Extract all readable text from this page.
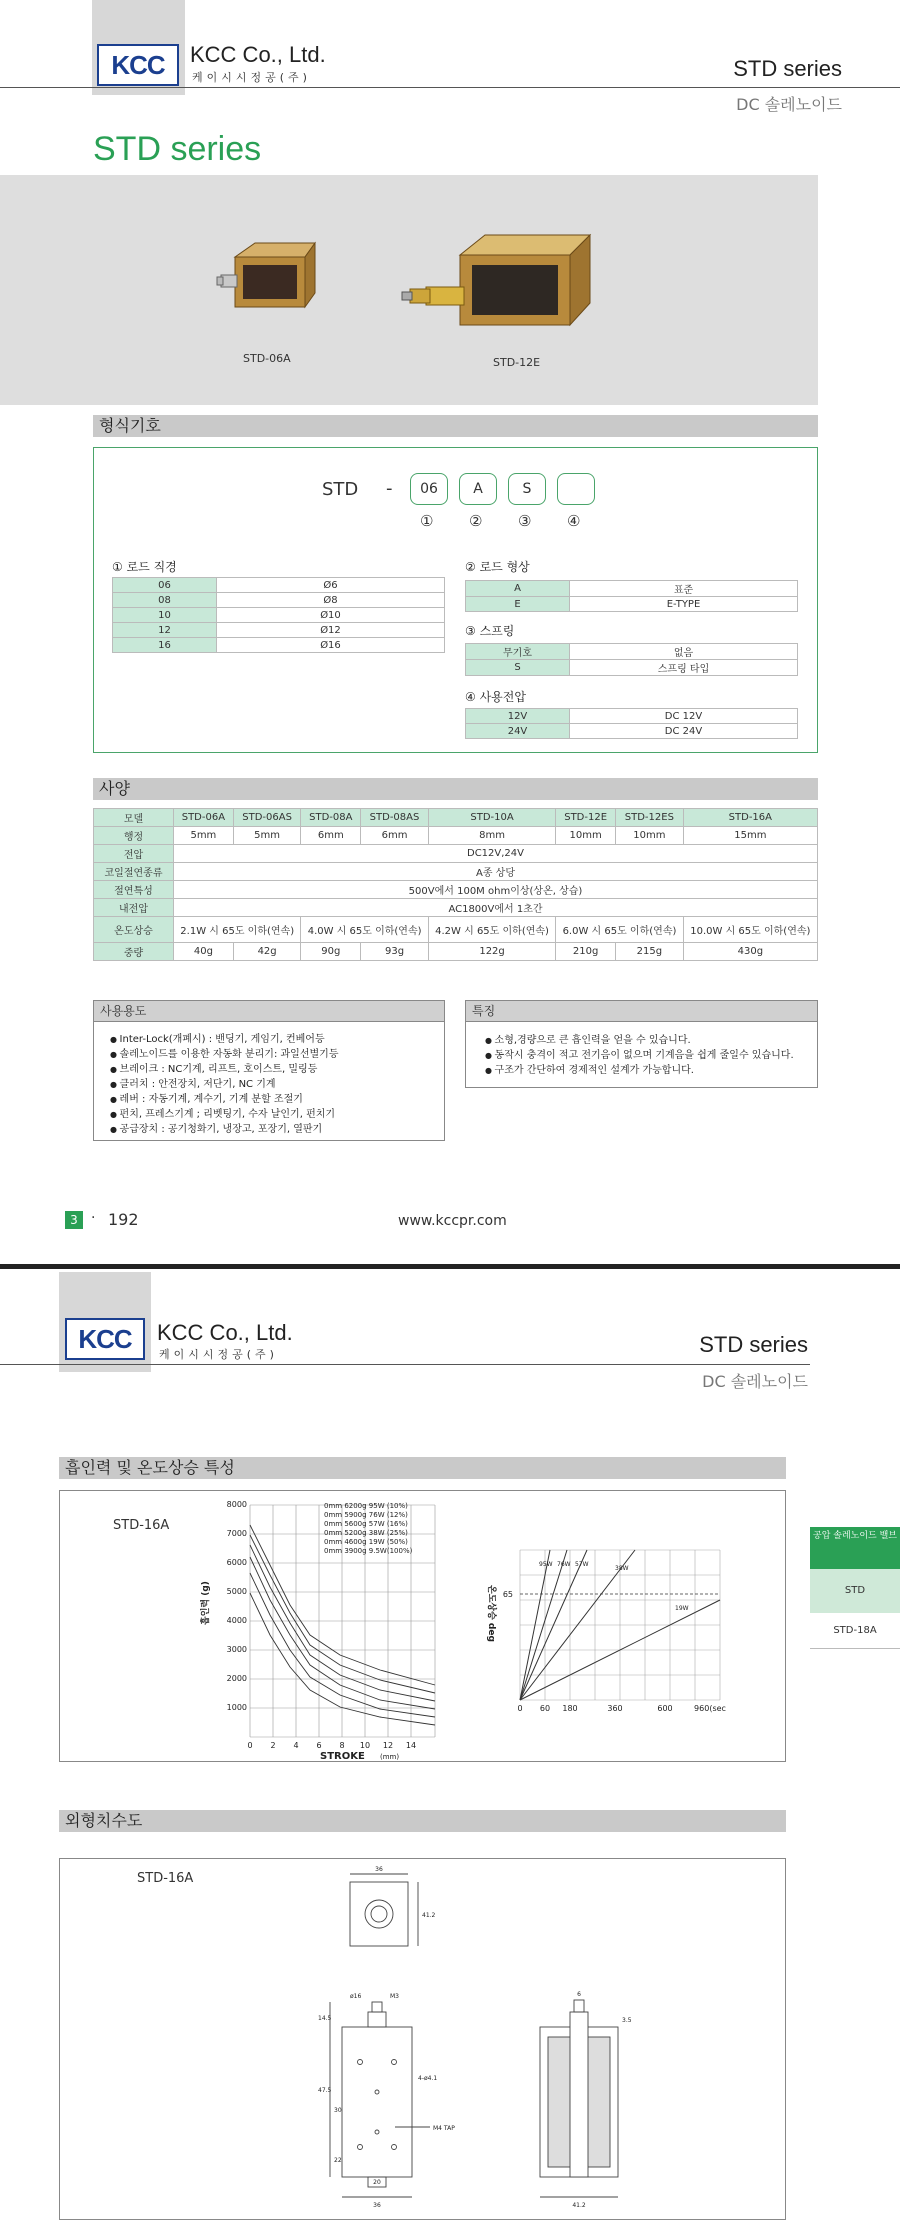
KCC	KCC Co., Ltd.
케이시시정공(주)	STD series
DC 솔레노이드
STD series
STD-06A	STD-12E
형식기호
STD -	06	A	S
① ② ③ ④
① 로드 직경
06	Ø6
08	Ø8
10	Ø10
12	Ø12
16	Ø16
② 로드 형상
A	표준
E	E-TYPE
③ 스프링
무기호	없음
S	스프링 타입
④ 사용전압
12V	DC 12V
24V	DC 24V
사양
모델	STD-06A	STD-06AS	STD-08A	STD-08AS	STD-10A	STD-12E	STD-12ES	STD-16A
행정	5mm	5mm	6mm	6mm	8mm	10mm	10mm	15mm
전압	DC12V,24V							
코일절연종류	A종 상당							
절연특성	500V에서 100M ohm이상(상온, 상습)							
내전압	AC1800V에서 1초간							
온도상승	2.1W 시 65도 이하(연속)		4.0W 시 65도 이하(연속)		4.2W 시 65도 이하(연속)	6.0W 시 65도 이하(연속)		10.0W 시 65도 이하(연속)
중량	40g	42g	90g	93g	122g	210g	215g	430g
사용용도
● Inter-Lock(개폐시) : 밴딩기, 게임기, 컨베어등
● 솔레노이드를 이용한 자동화 분리기: 과일선별기등
● 브레이크 : NC기계, 리프트, 호이스트, 밀링등
● 클러치 : 안전장치, 저단기, NC 기계
● 레버 : 자동기계, 계수기, 기계 분할 조절기
● 펀치, 프레스기계 ; 리벳팅기, 수자 날인기, 펀치기
● 공급장치 : 공기청화기, 냉장고, 포장기, 열판기
특징
● 소형,경량으로 큰 흡인력을 얻을 수 있습니다.
● 동작시 충격이 적고 전기음이 없으며 기계음을 쉽게 줄일수 있습니다.
● 구조가 간단하여 경제적인 설계가 가능합니다.
3 · 192	www.kccpr.com
KCC	KCC Co., Ltd.
케이시시정공(주)	STD series
DC 솔레노이드
공압 솔레노이드 밸브
STD
STD-18A
흡인력 및 온도상승 특성
STD-16A
8000
7000
6000
5000
4000
3000
2000
1000
0 2 4 6 8 10 12 14
STROKE (mm)
흡인력 (g)
0mm 6200g 95W (10%)
0mm 5900g 76W (12%)
0mm 5600g 57W (16%)
0mm 5200g 38W (25%)
0mm 4600g 19W (50%)
0mm 3900g 9.5W(100%)
95W 76W 57W
38W
19W
65
0 60 180	360	600	960(sec
온도상승 deg
외형치수도
STD-16A
36
41.2
ø16	M3
14.5
47.5
30
22
20
36
4-ø4.1
M4 TAP
41.2
6
3.5
